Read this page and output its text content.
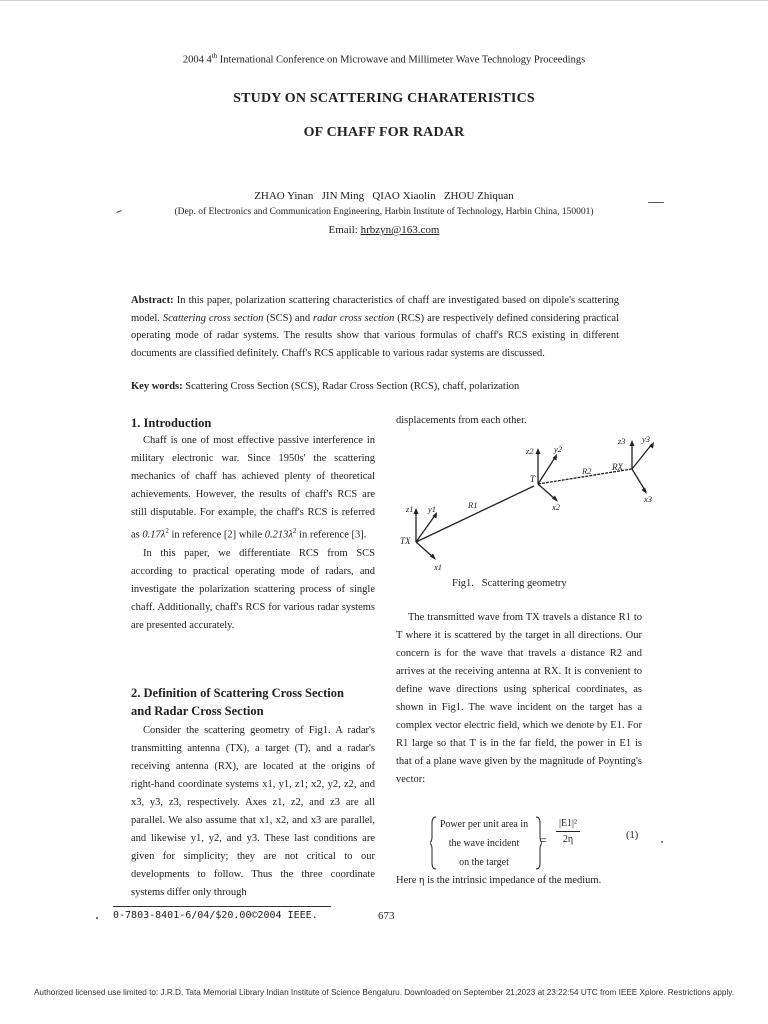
2004 4th International Conference on Microwave and Millimeter Wave Technology Proceedings
STUDY ON SCATTERING CHARATERISTICS
OF CHAFF FOR RADAR
ZHAO Yinan   JIN Ming   QIAO Xiaolin   ZHOU Zhiquan
(Dep. of Electronics and Communication Engineering, Harbin Institute of Technology, Harbin China, 150001)
Email: hrbzyn@163.com
Abstract: In this paper, polarization scattering characteristics of chaff are investigated based on dipole's scattering model. Scattering cross section (SCS) and radar cross section (RCS) are respectively defined considering practical operating mode of radar systems. The results show that various formulas of chaff's RCS existing in different documents are classified definitely. Chaff's RCS applicable to various radar systems are discussed.
Key words: Scattering Cross Section (SCS), Radar Cross Section (RCS), chaff, polarization
1. Introduction
Chaff is one of most effective passive interference in military electronic war. Since 1950s' the scattering mechanics of chaff has achieved plenty of theoretical achievements. However, the results of chaff's RCS are still disputable. For example, the chaff's RCS is referred as $0.17\lambda^2$ in reference [2] while $0.213\lambda^2$ in reference [3].
In this paper, we differentiate RCS from SCS according to practical operating mode of radars, and investigate the polarization scattering process of single chaff. Additionally, chaff's RCS for various radar systems are presented accurately.
2. Definition of Scattering Cross Section
and Radar Cross Section
Consider the scattering geometry of Fig1. A radar's transmitting antenna (TX), a target (T), and a radar's receiving antenna (RX), are located at the origins of right-hand coordinate systems x1, y1, z1; x2, y2, z2, and x3, y3, z3, respectively. Axes z1, z2, and z3 are all parallel. We also assume that x1, x2, and x3 are parallel, and likewise y1, y2, and y3. These last conditions are given for simplicity; they are not critical to our developments to follow. Thus the three coordinate systems differ only through
displacements from each other.
TX
T
RX
R1
R2
z1 y1
x1
z2 y2
x2
z3 y3
x3
Fig1.   Scattering geometry
The transmitted wave from TX travels a distance R1 to T where it is scattered by the target in all directions. Our concern is for the wave that travels a distance R2 and arrives at the receiving antenna at RX. It is convenient to define wave directions using spherical coordinates, as shown in Fig1. The wave incident on the target has a complex vector electric field, which we denote by E1. For R1 large so that T is in the far field, the power in E1 is that of a plane wave given by the magnitude of Poynting's vector:
Power per unit area in
the wave incident
on the target
=
|E1|²
2η	(1)
Here η is the intrinsic impedance of the medium.
0-7803-8401-6/04/$20.00©2004 IEEE.	673
Authorized licensed use limited to: J.R.D. Tata Memorial Library Indian Institute of Science Bengaluru. Downloaded on September 21,2023 at 23:22:54 UTC from IEEE Xplore. Restrictions apply.
